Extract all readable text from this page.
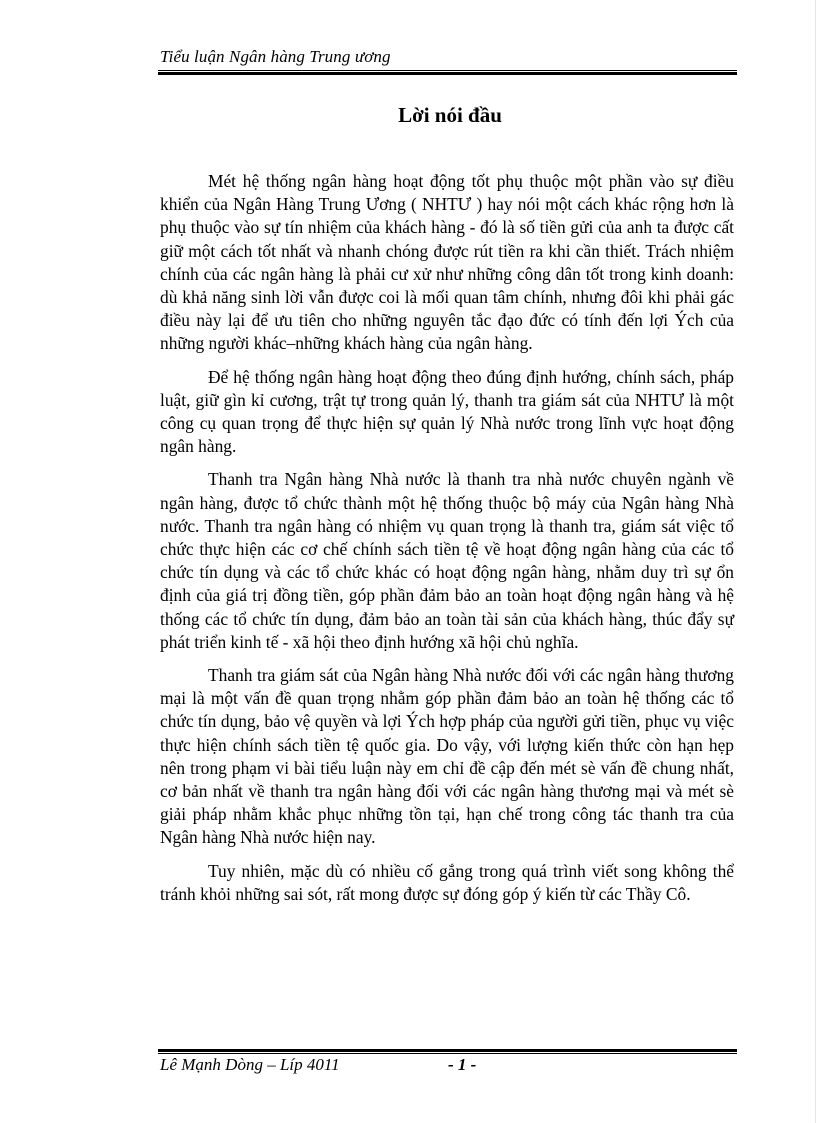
Tiểu luận Ngân hàng Trung ương
Lời nói đầu

Mét hệ thống ngân hàng hoạt động tốt phụ thuộc một phần vào sự điều khiển của Ngân Hàng Trung Ương ( NHTƯ ) hay nói một cách khác rộng hơn là phụ thuộc vào sự tín nhiệm của khách hàng - đó là số tiền gửi của anh ta được cất giữ một cách tốt nhất và nhanh chóng được rút tiền ra khi cần thiết. Trách nhiệm chính của các ngân hàng là phải cư xử như những công dân tốt trong kinh doanh: dù khả năng sinh lời vẫn được coi là mối quan tâm chính, nhưng đôi khi phải gác điều này lại để ưu tiên cho những nguyên tắc đạo đức có tính đến lợi Ých của những người khác–những khách hàng của ngân hàng.

Để hệ thống ngân hàng hoạt động theo đúng định hướng, chính sách, pháp luật, giữ gìn kỉ cương, trật tự trong quản lý, thanh tra giám sát của NHTƯ là một công cụ quan trọng để thực hiện sự quản lý Nhà nước trong lĩnh vực hoạt động ngân hàng.

Thanh tra Ngân hàng Nhà nước là thanh tra nhà nước chuyên ngành về ngân hàng, được tổ chức thành một hệ thống thuộc bộ máy của Ngân hàng Nhà nước. Thanh tra ngân hàng có nhiệm vụ quan trọng là thanh tra, giám sát việc tổ chức thực hiện các cơ chế chính sách tiền tệ về hoạt động ngân hàng của các tổ chức tín dụng và các tổ chức khác có hoạt động ngân hàng, nhằm duy trì sự ổn định của giá trị đồng tiền, góp phần đảm bảo an toàn hoạt động ngân hàng và hệ thống các tổ chức tín dụng, đảm bảo an toàn tài sản của khách hàng, thúc đẩy sự phát triển kinh tế - xã hội theo định hướng xã hội chủ nghĩa.

Thanh tra giám sát của Ngân hàng Nhà nước đối với các ngân hàng thương mại là một vấn đề quan trọng nhằm góp phần đảm bảo an toàn hệ thống các tổ chức tín dụng, bảo vệ quyền và lợi Ých hợp pháp của người gửi tiền, phục vụ việc thực hiện chính sách tiền tệ quốc gia. Do vậy, với lượng kiến thức còn hạn hẹp nên trong phạm vi bài tiểu luận này em chỉ đề cập đến mét sè vấn đề chung nhất, cơ bản nhất về thanh tra ngân hàng đối với các ngân hàng thương mại và mét sè giải pháp nhằm khắc phục những tồn tại, hạn chế trong công tác thanh tra của Ngân hàng Nhà nước hiện nay.

Tuy nhiên, mặc dù có nhiều cố gắng trong quá trình viết song không thể tránh khỏi những sai sót, rất mong được sự đóng góp ý kiến từ các Thầy Cô.

Lê Mạnh Dòng – Líp 4011	- 1 -
